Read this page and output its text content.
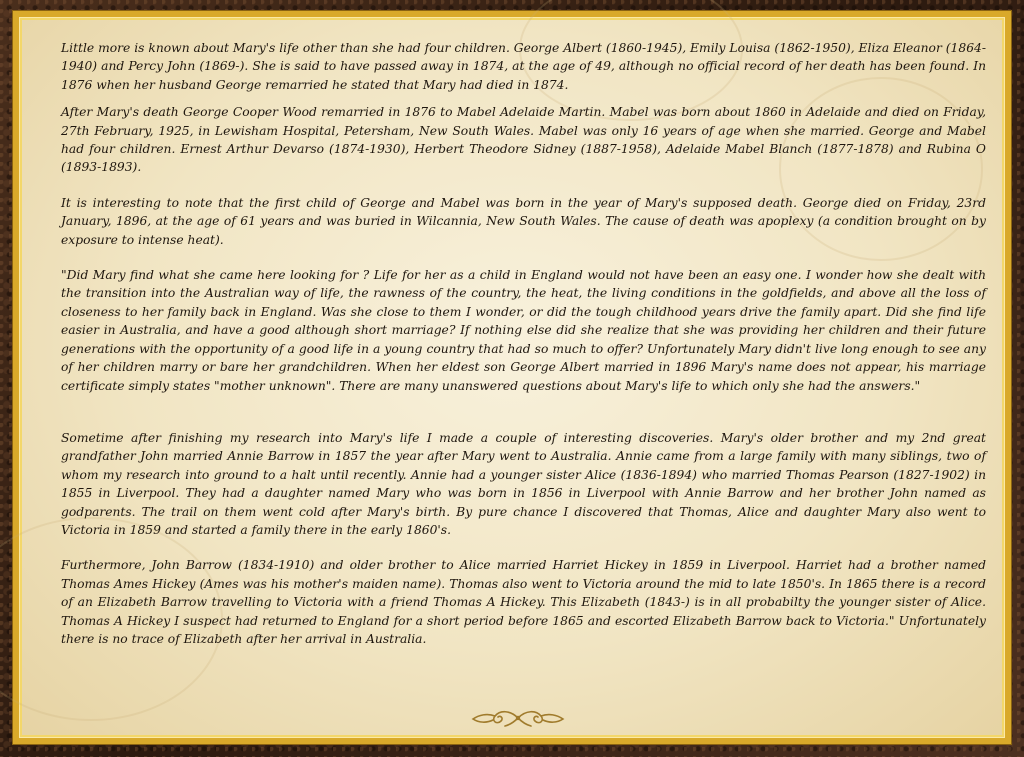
Little more is known about Mary's life other than she had four children. George Albert (1860-1945), Emily Louisa (1862-1950), Eliza Eleanor (1864-1940) and Percy John (1869-). She is said to have passed away in 1874, at the age of 49, although no official record of her death has been found. In 1876 when her husband George remarried he stated that Mary had died in 1874.

After Mary's death George Cooper Wood remarried in 1876 to Mabel Adelaide Martin. Mabel was born about 1860 in Adelaide and died on Friday, 27th February, 1925, in Lewisham Hospital, Petersham, New South Wales. Mabel was only 16 years of age when she married. George and Mabel had four children. Ernest Arthur Devarso (1874-1930), Herbert Theodore Sidney (1887-1958), Adelaide Mabel Blanch (1877-1878) and Rubina O (1893-1893).

It is interesting to note that the first child of George and Mabel was born in the year of Mary's supposed death. George died on Friday, 23rd January, 1896, at the age of 61 years and was buried in Wilcannia, New South Wales. The cause of death was apoplexy (a condition brought on by exposure to intense heat).

"Did Mary find what she came here looking for ? Life for her as a child in England would not have been an easy one. I wonder how she dealt with the transition into the Australian way of life, the rawness of the country, the heat, the living conditions in the goldfields, and above all the loss of closeness to her family back in England. Was she close to them I wonder, or did the tough childhood years drive the family apart. Did she find life easier in Australia, and have a good although short marriage? If nothing else did she realize that she was providing her children and their future generations with the opportunity of a good life in a young country that had so much to offer? Unfortunately Mary didn't live long enough to see any of her children marry or bare her grandchildren. When her eldest son George Albert married in 1896 Mary's name does not appear, his marriage certificate simply states "mother unknown". There are many unanswered questions about Mary's life to which only she had the answers."

Sometime after finishing my research into Mary's life I made a couple of interesting discoveries. Mary's older brother and my 2nd great grandfather John married Annie Barrow in 1857 the year after Mary went to Australia. Annie came from a large family with many siblings, two of whom my research into ground to a halt until recently. Annie had a younger sister Alice (1836-1894) who married Thomas Pearson (1827-1902) in 1855 in Liverpool. They had a daughter named Mary who was born in 1856 in Liverpool with Annie Barrow and her brother John named as godparents. The trail on them went cold after Mary's birth. By pure chance I discovered that Thomas, Alice and daughter Mary also went to Victoria in 1859 and started a family there in the early 1860's.

Furthermore, John Barrow (1834-1910) and older brother to Alice married Harriet Hickey in 1859 in Liverpool. Harriet had a brother named Thomas Ames Hickey (Ames was his mother's maiden name). Thomas also went to Victoria around the mid to late 1850's. In 1865 there is a record of an Elizabeth Barrow travelling to Victoria with a friend Thomas A Hickey. This Elizabeth (1843-) is in all probabilty the younger sister of Alice. Thomas A Hickey I suspect had returned to England for a short period before 1865 and escorted Elizabeth Barrow back to Victoria." Unfortunately there is no trace of Elizabeth after her arrival in Australia.
